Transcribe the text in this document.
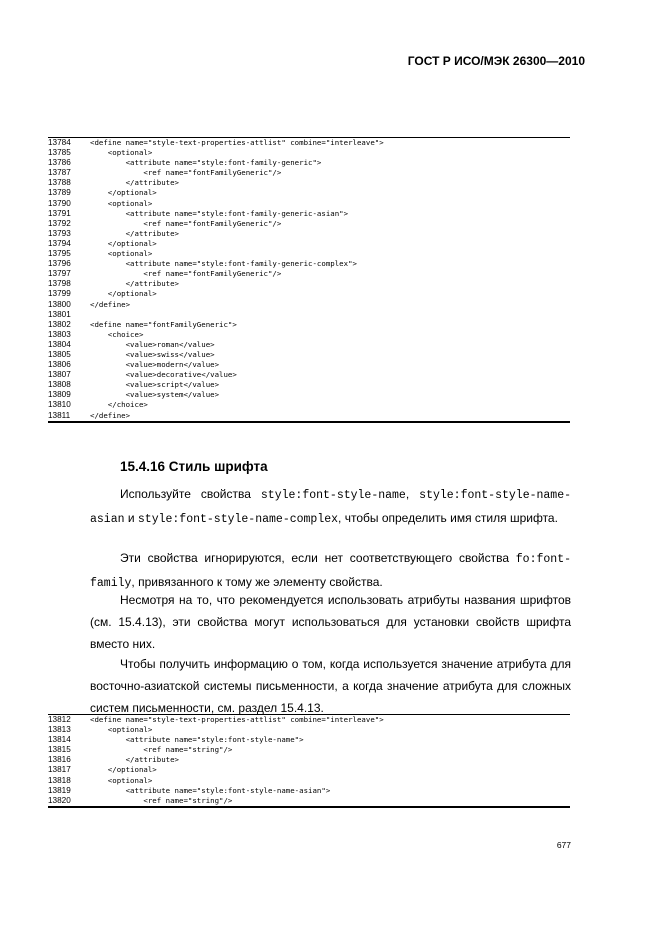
ГОСТ Р ИСО/МЭК 26300—2010
13784	<define name="style-text-properties-attlist" combine="interleave">
13785	<optional>
13786	<attribute name="style:font-family-generic">
13787	<ref name="fontFamilyGeneric"/>
13788	</attribute>
13789	</optional>
13790	<optional>
13791	<attribute name="style:font-family-generic-asian">
13792	<ref name="fontFamilyGeneric"/>
13793	</attribute>
13794	</optional>
13795	<optional>
13796	<attribute name="style:font-family-generic-complex">
13797	<ref name="fontFamilyGeneric"/>
13798	</attribute>
13799	</optional>
13800	</define>
13801
13802	<define name="fontFamilyGeneric">
13803	<choice>
13804	<value>roman</value>
13805	<value>swiss</value>
13806	<value>modern</value>
13807	<value>decorative</value>
13808	<value>script</value>
13809	<value>system</value>
13810	</choice>
13811	</define>
15.4.16 Стиль шрифта
Используйте свойства style:font-style-name, style:font-style-name-asian и style:font-style-name-complex, чтобы определить имя стиля шрифта.
Эти свойства игнорируются, если нет соответствующего свойства fo:font-family, привязанного к тому же элементу свойства.
Несмотря на то, что рекомендуется использовать атрибуты названия шрифтов (см. 15.4.13), эти свойства могут использоваться для установки свойств шрифта вместо них.
Чтобы получить информацию о том, когда используется значение атрибута для восточно-азиатской системы письменности, а когда значение атрибута для сложных систем письменности, см. раздел 15.4.13.
13812	<define name="style-text-properties-attlist" combine="interleave">
13813	<optional>
13814	<attribute name="style:font-style-name">
13815	<ref name="string"/>
13816	</attribute>
13817	</optional>
13818	<optional>
13819	<attribute name="style:font-style-name-asian">
13820	<ref name="string"/>
677
